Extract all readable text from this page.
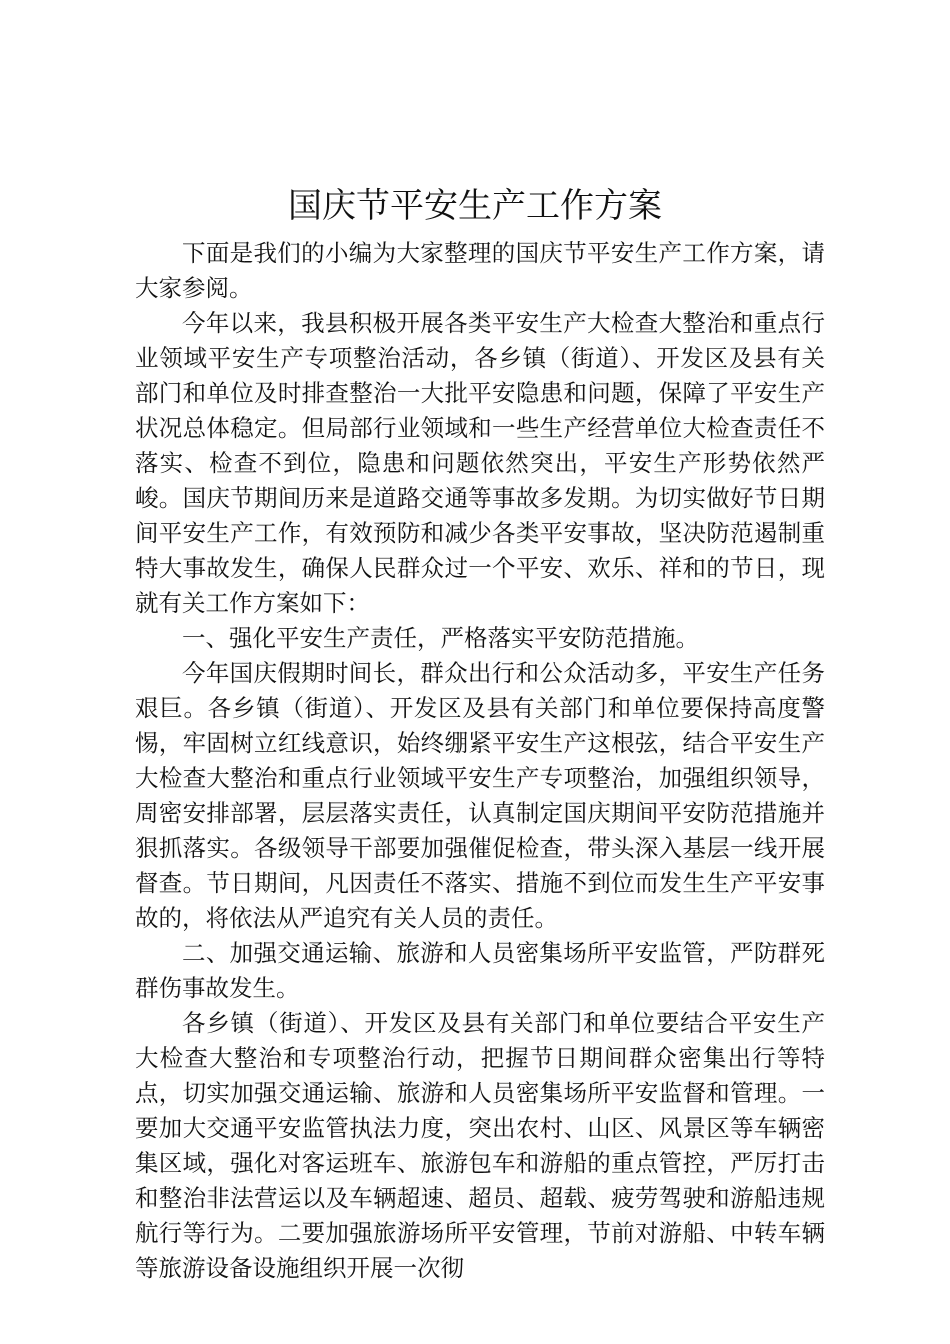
国庆节平安生产工作方案

下面是我们的小编为大家整理的国庆节平安生产工作方案，请大家参阅。

今年以来，我县积极开展各类平安生产大检查大整治和重点行业领域平安生产专项整治活动，各乡镇（街道）、开发区及县有关部门和单位及时排查整治一大批平安隐患和问题，保障了平安生产状况总体稳定。但局部行业领域和一些生产经营单位大检查责任不落实、检查不到位，隐患和问题依然突出，平安生产形势依然严峻。国庆节期间历来是道路交通等事故多发期。为切实做好节日期间平安生产工作，有效预防和减少各类平安事故，坚决防范遏制重特大事故发生，确保人民群众过一个平安、欢乐、祥和的节日，现就有关工作方案如下：

一、强化平安生产责任，严格落实平安防范措施。

今年国庆假期时间长，群众出行和公众活动多，平安生产任务艰巨。各乡镇（街道）、开发区及县有关部门和单位要保持高度警惕，牢固树立红线意识，始终绷紧平安生产这根弦，结合平安生产大检查大整治和重点行业领域平安生产专项整治，加强组织领导，周密安排部署，层层落实责任，认真制定国庆期间平安防范措施并狠抓落实。各级领导干部要加强催促检查，带头深入基层一线开展督查。节日期间，凡因责任不落实、措施不到位而发生生产平安事故的，将依法从严追究有关人员的责任。

二、加强交通运输、旅游和人员密集场所平安监管，严防群死群伤事故发生。

各乡镇（街道）、开发区及县有关部门和单位要结合平安生产大检查大整治和专项整治行动，把握节日期间群众密集出行等特点，切实加强交通运输、旅游和人员密集场所平安监督和管理。一要加大交通平安监管执法力度，突出农村、山区、风景区等车辆密集区域，强化对客运班车、旅游包车和游船的重点管控，严厉打击和整治非法营运以及车辆超速、超员、超载、疲劳驾驶和游船违规航行等行为。二要加强旅游场所平安管理，节前对游船、中转车辆等旅游设备设施组织开展一次彻
